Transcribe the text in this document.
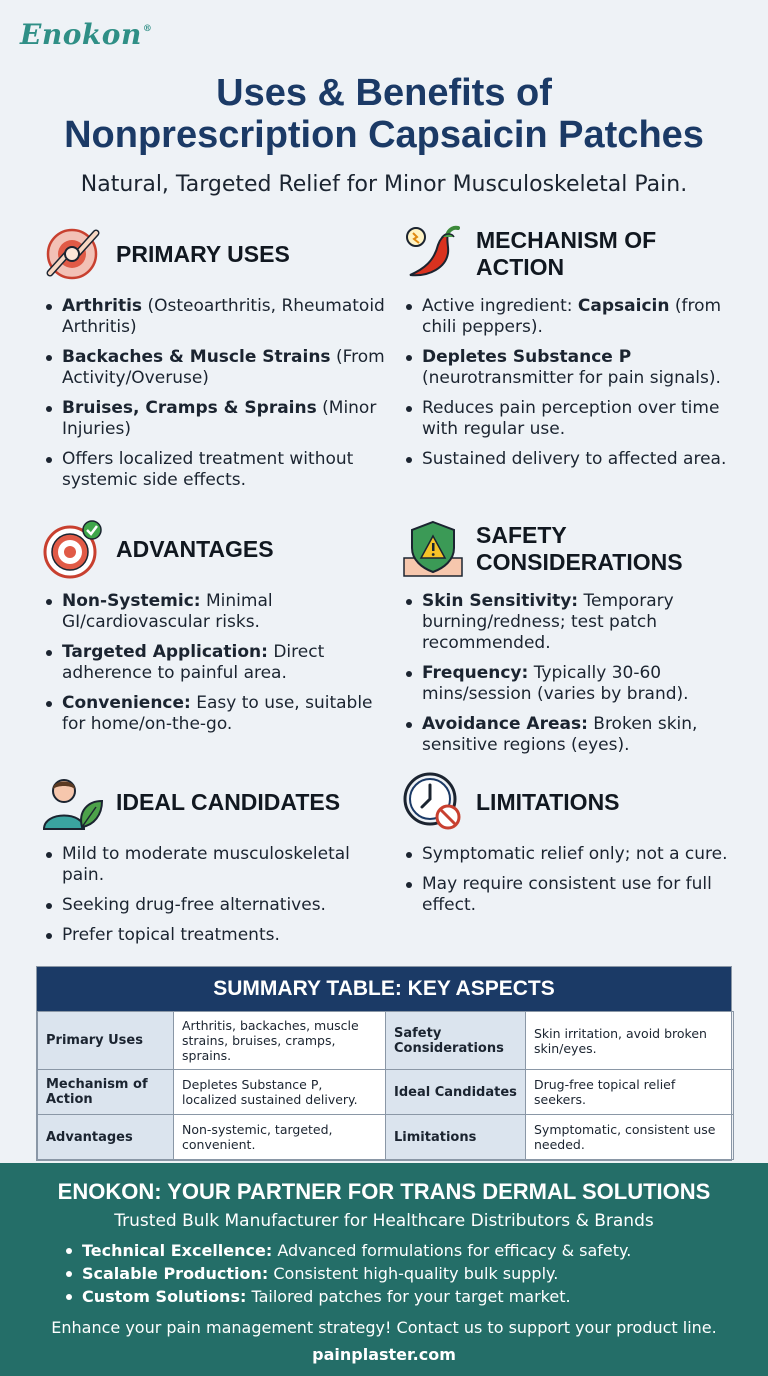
Enokon®
Uses & Benefits of
Nonprescription Capsaicin Patches
Natural, Targeted Relief for Minor Musculoskeletal Pain.
PRIMARY USES
Arthritis (Osteoarthritis, Rheumatoid Arthritis)
Backaches & Muscle Strains (From Activity/Overuse)
Bruises, Cramps & Sprains (Minor Injuries)
Offers localized treatment without systemic side effects.
MECHANISM OF
ACTION
Active ingredient: Capsaicin (from chili peppers).
Depletes Substance P (neurotransmitter for pain signals).
Reduces pain perception over time with regular use.
Sustained delivery to affected area.
ADVANTAGES
Non-Systemic: Minimal GI/cardiovascular risks.
Targeted Application: Direct adherence to painful area.
Convenience: Easy to use, suitable for home/on-the-go.
SAFETY
CONSIDERATIONS
Skin Sensitivity: Temporary burning/redness; test patch recommended.
Frequency: Typically 30-60 mins/session (varies by brand).
Avoidance Areas: Broken skin, sensitive regions (eyes).
IDEAL CANDIDATES
Mild to moderate musculoskeletal pain.
Seeking drug-free alternatives.
Prefer topical treatments.
LIMITATIONS
Symptomatic relief only; not a cure.
May require consistent use for full effect.
SUMMARY TABLE: KEY ASPECTS
Primary Uses	Arthritis, backaches, muscle strains, bruises, cramps, sprains.	Safety Considerations	Skin irritation, avoid broken skin/eyes.
Mechanism of Action	Depletes Substance P, localized sustained delivery.	Ideal Candidates	Drug-free topical relief seekers.
Advantages	Non-systemic, targeted, convenient.	Limitations	Symptomatic, consistent use needed.
ENOKON: YOUR PARTNER FOR TRANS DERMAL SOLUTIONS
Trusted Bulk Manufacturer for Healthcare Distributors & Brands
Technical Excellence: Advanced formulations for efficacy & safety.
Scalable Production: Consistent high-quality bulk supply.
Custom Solutions: Tailored patches for your target market.
Enhance your pain management strategy! Contact us to support your product line.
painplaster.com
